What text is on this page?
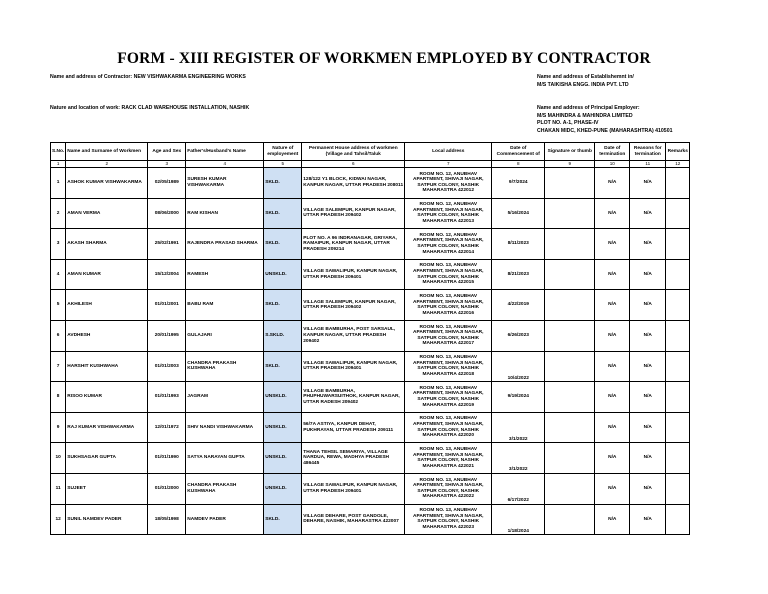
FORM - XIII REGISTER OF WORKMEN EMPLOYED BY CONTRACTOR
Name and address of Contractor: NEW VISHWAKARMA ENGINEERING WORKS
Nature and location of work: RACK CLAD WAREHOUSE INSTALLATION, NASHIK
Name and address of Establishemnt in/
M/S TAIKISHA ENGG. INDIA PVT. LTD
Name and address of Principal Employer:
M/S MAHINDRA & MAHINDRA LIMITED
PLOT NO. A-1, PHASE-IV
CHAKAN MIDC, KHED-PUNE (MAHARASHTRA) 410501
S.No.	Name and Surname of Workmen	Age and Sex	Father's/Husband's Name	Nature of employement	Permanent House address of workmen (Village and Tahsil/Taluk	Local address	Date of Commencement of	Signature or thumb	Date of termination	Reasons for termination	Remarks
1	2	3	4	5	6	7	8	9	10	11	12
1	ASHOK KUMAR VISHWAKARMA	02/05/1989	SURESH KUMAR VISHWAKARMA	SKLD.	128/122 Y1 BLOCK, KIDWAI NAGAR, KANPUR NAGAR, UTTAR PRADESH 208011	ROOM NO. 12, ANUBHAV APARTMENT, SHIVAJI NAGAR, SATPUR COLONY, NASHIK MAHARASTRA 422012	9/7/2024		N/A	N/A	
2	AMAN VERMA	08/06/2000	RAM KISHAN	SKLD.	VILLAGE SALEMPUR, KANPUR NAGAR, UTTAR PRADESH 209402	ROOM NO. 12, ANUBHAV APARTMENT, SHIVAJI NAGAR, SATPUR COLONY, NASHIK MAHARASTRA 422013	5/16/2024		N/A	N/A	
3	AKASH SHARMA	25/02/1991	RAJENDRA PRASAD SHARMA	SKLD.	PLOT NO. A 96 INDRANAGAR, GRIYARA, RAMAIPUR, KANPUR NAGAR, UTTAR PRADESH 209214	ROOM NO. 12, ANUBHAV APARTMENT, SHIVAJI NAGAR, SATPUR COLONY, NASHIK MAHARASTRA 422014	8/11/2023		N/A	N/A	
4	AMAN KUMAR	15/12/2004	RAMESH	UNSKLD.	VILLAGE SAWALIPUR, KANPUR NAGAR, UTTAR PRADESH 209401	ROOM NO. 13, ANUBHAV APARTMENT, SHIVAJI NAGAR, SATPUR COLONY, NASHIK MAHARASTRA 422015	8/21/2023		N/A	N/A	
5	AKHILESH	01/01/2001	BABU RAM	SKLD.	VILLAGE SALEMPUR, KANPUR NAGAR, UTTAR PRADESH 209402	ROOM NO. 13, ANUBHAV APARTMENT, SHIVAJI NAGAR, SATPUR COLONY, NASHIK MAHARASTRA 422016	4/22/2019		N/A	N/A	
6	AVDHESH	20/01/1995	GULAJARI	S.SKLD.	VILLAGE BAMBURHA, POST SARSAUL, KANPUR NAGAR, UTTAR PRADESH 209402	ROOM NO. 13, ANUBHAV APARTMENT, SHIVAJI NAGAR, SATPUR COLONY, NASHIK MAHARASTRA 422017	6/26/2023		N/A	N/A	
7	HARSHIT KUSHWAHA	01/01/2003	CHANDRA PRAKASH KUSHWAHA	SKLD.	VILLAGE SAWALIPUR, KANPUR NAGAR, UTTAR PRADESH 209401	ROOM NO. 13, ANUBHAV APARTMENT, SHIVAJI NAGAR, SATPUR COLONY, NASHIK MAHARASTRA 422018	10/4/2022		N/A	N/A	
8	RISOO KUMAR	01/01/1993	JAGRAM	UNSKLD.	VILLAGE BAMBURHA, PHUPHUWARSUITHOK, KANPUR NAGAR, UTTAR RADESH 209402	ROOM NO. 13, ANUBHAV APARTMENT, SHIVAJI NAGAR, SATPUR COLONY, NASHIK MAHARASTRA 422019	9/19/2024		N/A	N/A	
9	RAJ KUMAR VISHWAKARMA	12/01/1972	SHIV NANDI VISHWAKARMA	UNSKLD.	56/7A ASTIYA, KANPUR DEHAT, PUKHRAYAN, UTTAR PRADESH 209111	ROOM NO. 13, ANUBHAV APARTMENT, SHIVAJI NAGAR, SATPUR COLONY, NASHIK MAHARASTRA 422020	3/1/2022		N/A	N/A	
10	SUKHSAGAR GUPTA	01/01/1990	SATYA NARAYAN GUPTA	UNSKLD.	THANA TEHSIL SEMARIYA, VILLAGE NARDUA, REWA, MADHYA PRADESH 486445	ROOM NO. 13, ANUBHAV APARTMENT, SHIVAJI NAGAR, SATPUR COLONY, NASHIK MAHARASTRA 422021	3/1/2022		N/A	N/A	
11	SUJEET	01/01/2000	CHANDRA PRAKASH KUSHWAHA	UNSKLD.	VILLAGE SAWALIPUR, KANPUR NAGAR, UTTAR PRADESH 209401	ROOM NO. 13, ANUBHAV APARTMENT, SHIVAJI NAGAR, SATPUR COLONY, NASHIK MAHARASTRA 422022	6/17/2022		N/A	N/A	
12	SUNIL NAMDEV PADER	18/05/1998	NAMDEV PADER	SKLD.	VILLAGE DEHARE, POST GANDOLE, DEHARE, NASHIK, MAHARASTRA 422007	ROOM NO. 13, ANUBHAV APARTMENT, SHIVAJI NAGAR, SATPUR COLONY, NASHIK MAHARASTRA 422023	1/18/2024		N/A	N/A	
